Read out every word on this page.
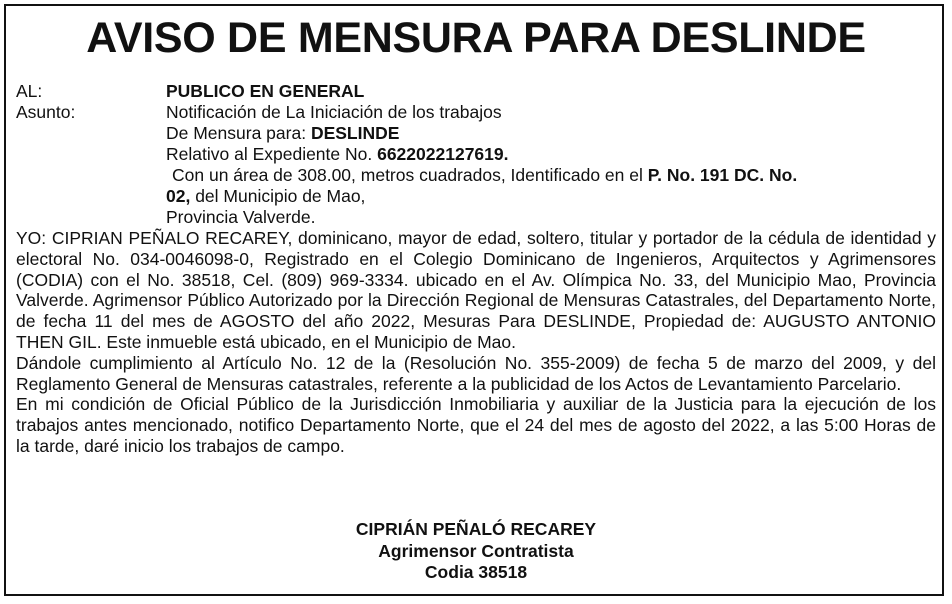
AVISO DE MENSURA PARA DESLINDE
AL:	PUBLICO EN GENERAL
Asunto:	Notificación de La Iniciación de los trabajos
De Mensura para: DESLINDE
Relativo al Expediente No. 6622022127619.
Con un área de 308.00, metros cuadrados, Identificado en el P. No. 191 DC. No.
02, del Municipio de Mao,
Provincia Valverde.

YO: CIPRIAN PEÑALO RECAREY, dominicano, mayor de edad, soltero, titular y portador de la cédula de identidad y electoral No. 034-0046098-0, Registrado en el Colegio Dominicano de Ingenieros, Arquitectos y Agrimensores (CODIA) con el No. 38518, Cel. (809) 969-3334. ubicado en el Av. Olímpica No. 33, del Municipio Mao, Provincia Valverde. Agrimensor Público Autorizado por la Dirección Regional de Mensuras Catastrales, del Departamento Norte, de fecha 11 del mes de AGOSTO del año 2022, Mesuras Para DESLINDE, Propiedad de: AUGUSTO ANTONIO THEN GIL. Este inmueble está ubicado, en el Municipio de Mao.

Dándole cumplimiento al Artículo No. 12 de la (Resolución No. 355-2009) de fecha 5 de marzo del 2009, y del Reglamento General de Mensuras catastrales, referente a la publicidad de los Actos de Levantamiento Parcelario.

En mi condición de Oficial Público de la Jurisdicción Inmobiliaria y auxiliar de la Justicia para la ejecución de los trabajos antes mencionado, notifico Departamento Norte, que el 24 del mes de agosto del 2022, a las 5:00 Horas de la tarde, daré inicio los trabajos de campo.

CIPRIÁN PEÑALÓ RECAREY
Agrimensor Contratista
Codia 38518
